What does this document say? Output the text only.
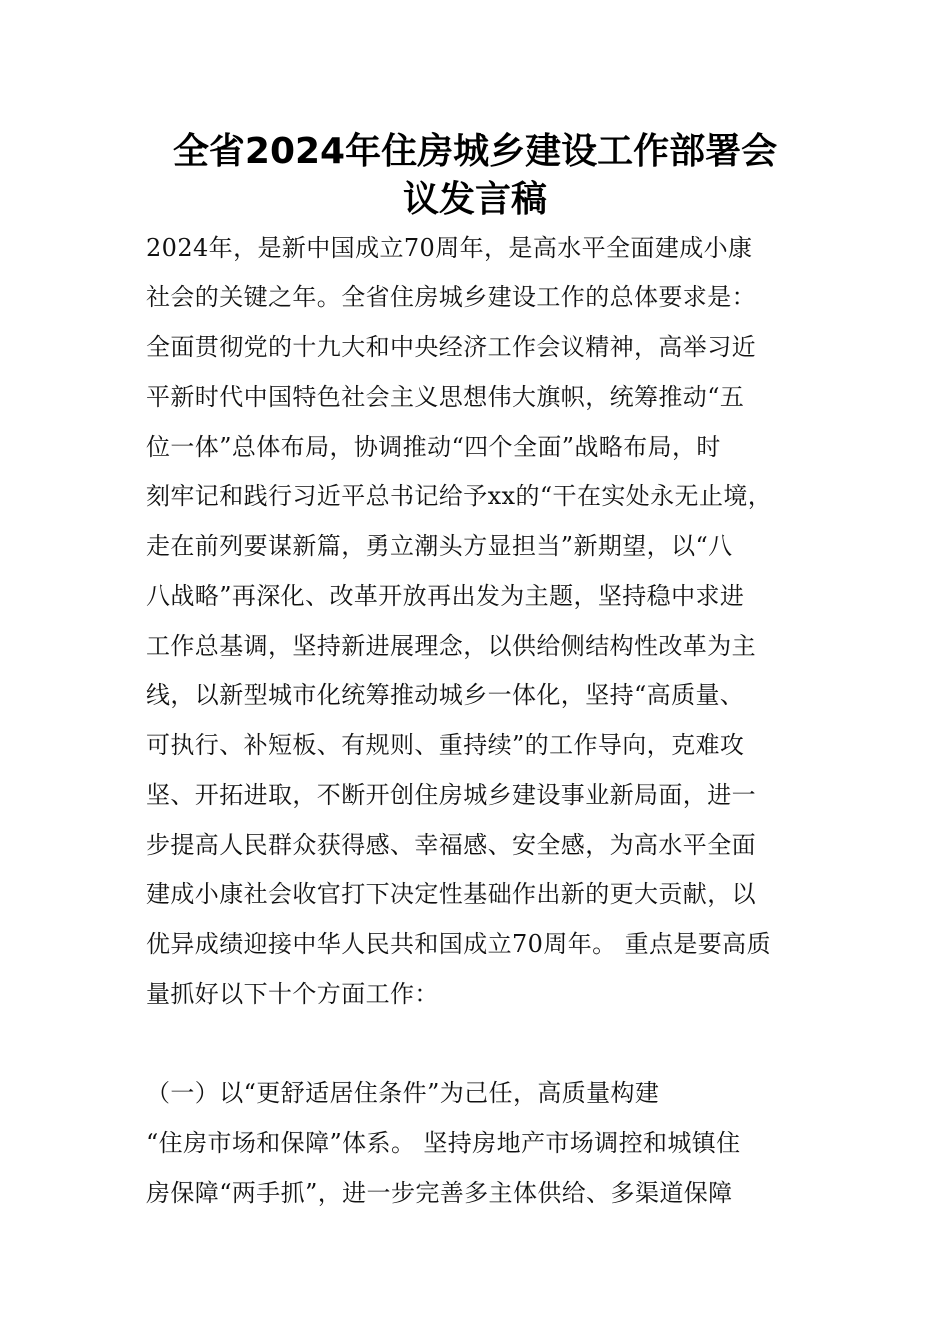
全省2024年住房城乡建设工作部署会
议发言稿
2024年，是新中国成立70周年，是高水平全面建成小康
社会的关键之年。全省住房城乡建设工作的总体要求是：
全面贯彻党的十九大和中央经济工作会议精神，高举习近
平新时代中国特色社会主义思想伟大旗帜，统筹推动“五
位一体”总体布局，协调推动“四个全面”战略布局，时
刻牢记和践行习近平总书记给予xx的“干在实处永无止境，
走在前列要谋新篇，勇立潮头方显担当”新期望，以“八
八战略”再深化、改革开放再出发为主题，坚持稳中求进
工作总基调，坚持新进展理念，以供给侧结构性改革为主
线，以新型城市化统筹推动城乡一体化，坚持“高质量、
可执行、补短板、有规则、重持续”的工作导向，克难攻
坚、开拓进取，不断开创住房城乡建设事业新局面，进一
步提高人民群众获得感、幸福感、安全感，为高水平全面
建成小康社会收官打下决定性基础作出新的更大贡献，以
优异成绩迎接中华人民共和国成立70周年。 重点是要高质
量抓好以下十个方面工作：
（一）以“更舒适居住条件”为己任，高质量构建
“住房市场和保障”体系。 坚持房地产市场调控和城镇住
房保障“两手抓”，进一步完善多主体供给、多渠道保障
